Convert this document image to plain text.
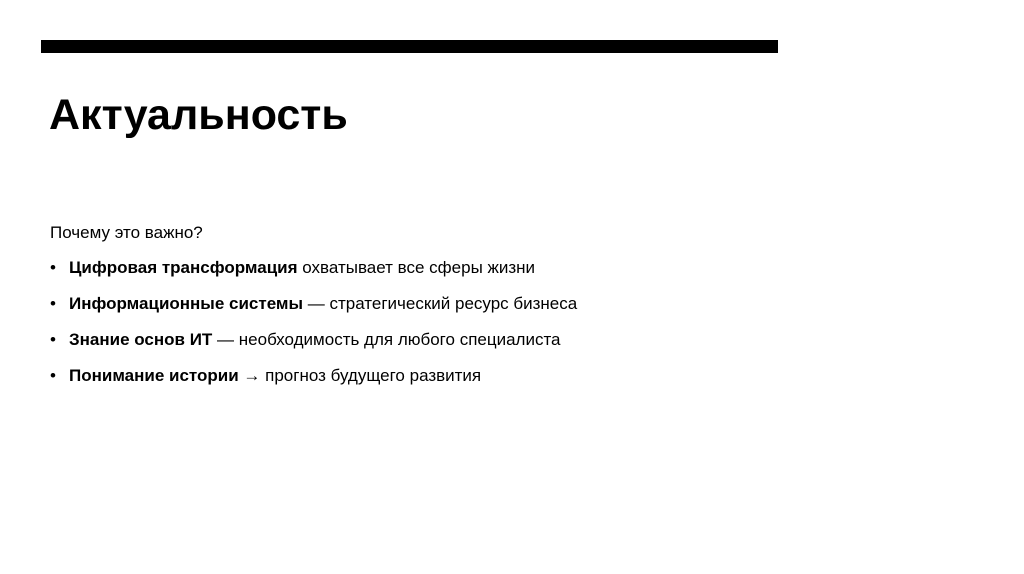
Актуальность

Почему это важно?

• Цифровая трансформация охватывает все сферы жизни
• Информационные системы — стратегический ресурс бизнеса
• Знание основ ИТ — необходимость для любого специалиста
• Понимание истории → прогноз будущего развития
